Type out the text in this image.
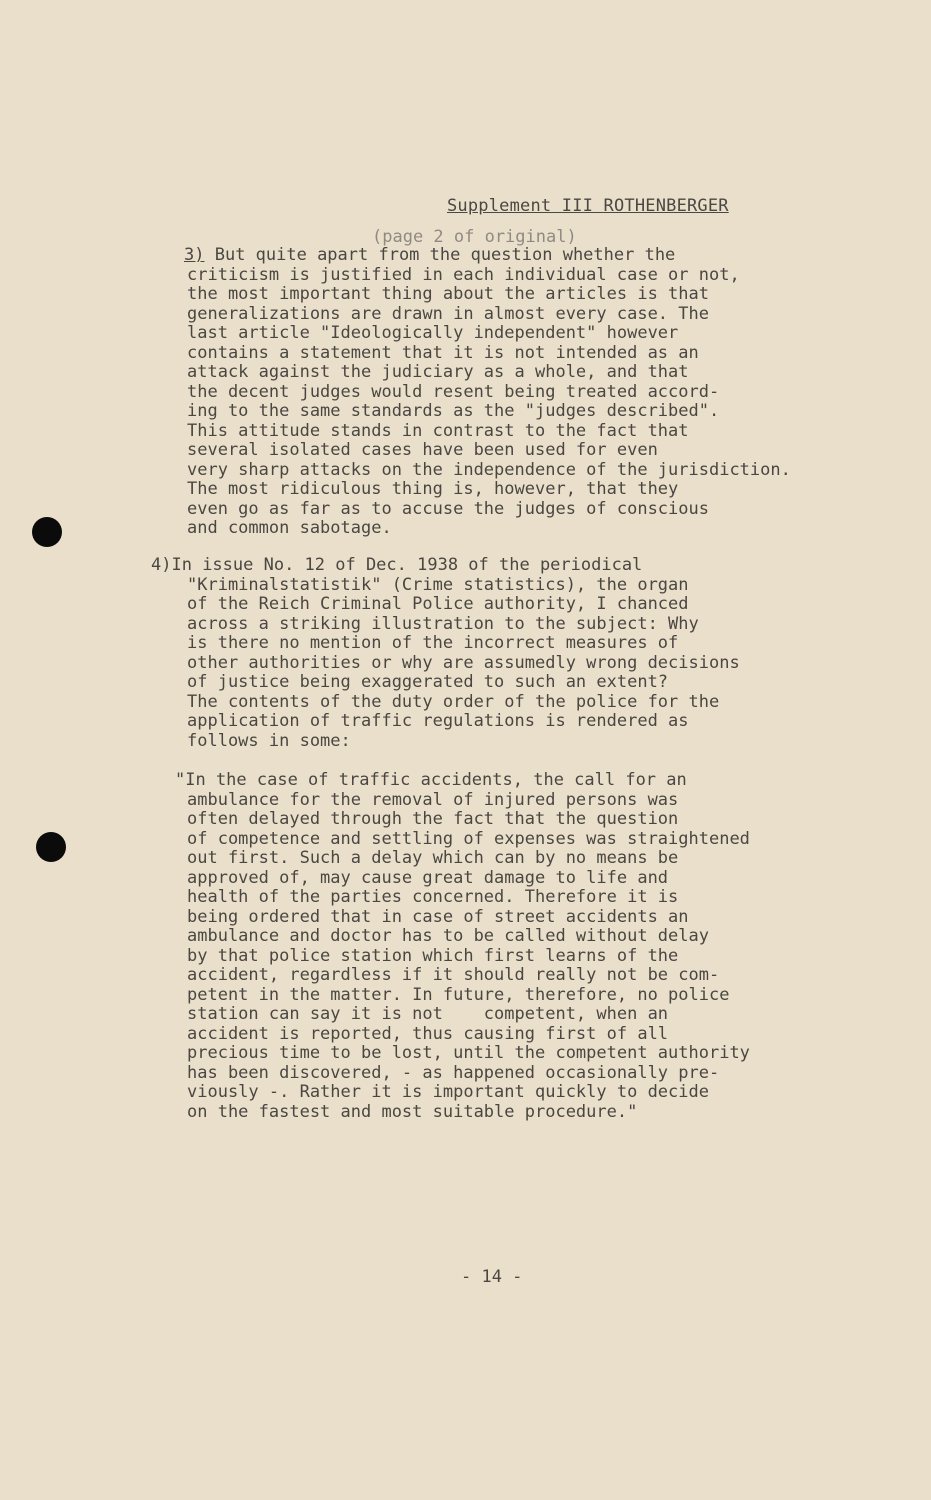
Supplement III ROTHENBERGER
(page 2 of original)
3) But quite apart from the question whether the
criticism is justified in each individual case or not,
the most important thing about the articles is that
generalizations are drawn in almost every case. The
last article "Ideologically independent" however
contains a statement that it is not intended as an
attack against the judiciary as a whole, and that
the decent judges would resent being treated accord-
ing to the same standards as the "judges described".
This attitude stands in contrast to the fact that
several isolated cases have been used for even
very sharp attacks on the independence of the jurisdiction.
The most ridiculous thing is, however, that they
even go as far as to accuse the judges of conscious
and common sabotage.
4)In issue No. 12 of Dec. 1938 of the periodical
"Kriminalstatistik" (Crime statistics), the organ
of the Reich Criminal Police authority, I chanced
across a striking illustration to the subject: Why
is there no mention of the incorrect measures of
other authorities or why are assumedly wrong decisions
of justice being exaggerated to such an extent?
The contents of the duty order of the police for the
application of traffic regulations is rendered as
follows in some:
"In the case of traffic accidents, the call for an
ambulance for the removal of injured persons was
often delayed through the fact that the question
of competence and settling of expenses was straightened
out first. Such a delay which can by no means be
approved of, may cause great damage to life and
health of the parties concerned. Therefore it is
being ordered that in case of street accidents an
ambulance and doctor has to be called without delay
by that police station which first learns of the
accident, regardless if it should really not be com-
petent in the matter. In future, therefore, no police
station can say it is not    competent, when an
accident is reported, thus causing first of all
precious time to be lost, until the competent authority
has been discovered, - as happened occasionally pre-
viously -. Rather it is important quickly to decide
on the fastest and most suitable procedure."
- 14 -
